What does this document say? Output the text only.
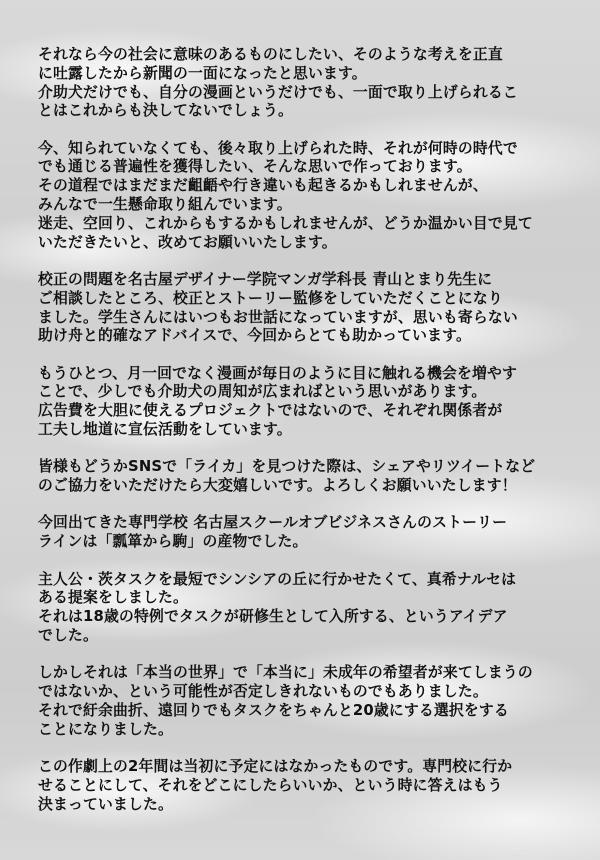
それなら今の社会に意味のあるものにしたい、そのような考えを正直
に吐露したから新聞の一面になったと思います。
介助犬だけでも、自分の漫画というだけでも、一面で取り上げられるこ
とはこれからも決してないでしょう。
今、知られていなくても、後々取り上げられた時、それが何時の時代で
でも通じる普遍性を獲得したい、そんな思いで作っております。
その道程ではまだまだ齟齬や行き違いも起きるかもしれませんが、
みんなで一生懸命取り組んでいます。
迷走、空回り、これからもするかもしれませんが、どうか温かい目で見て
いただきたいと、改めてお願いいたします。
校正の問題を名古屋デザイナー学院マンガ学科長 青山とまり先生に
ご相談したところ、校正とストーリー監修をしていただくことになり
ました。学生さんにはいつもお世話になっていますが、思いも寄らない
助け舟と的確なアドバイスで、今回からとても助かっています。
もうひとつ、月一回でなく漫画が毎日のように目に触れる機会を増やす
ことで、少しでも介助犬の周知が広まればという思いがあります。
広告費を大胆に使えるプロジェクトではないので、それぞれ関係者が
工夫し地道に宣伝活動をしています。
皆様もどうかSNSで「ライカ」を見つけた際は、シェアやリツイートなど
のご協力をいただけたら大変嬉しいです。よろしくお願いいたします！
今回出てきた専門学校 名古屋スクールオブビジネスさんのストーリー
ラインは「瓢箪から駒」の産物でした。
主人公・茨タスクを最短でシンシアの丘に行かせたくて、真希ナルセは
ある提案をしました。
それは18歳の特例でタスクが研修生として入所する、というアイデア
でした。
しかしそれは「本当の世界」で「本当に」未成年の希望者が来てしまうの
ではないか、という可能性が否定しきれないものでもありました。
それで紆余曲折、遠回りでもタスクをちゃんと20歳にする選択をする
ことになりました。
この作劇上の2年間は当初に予定にはなかったものです。専門校に行か
せることにして、それをどこにしたらいいか、という時に答えはもう
決まっていました。
